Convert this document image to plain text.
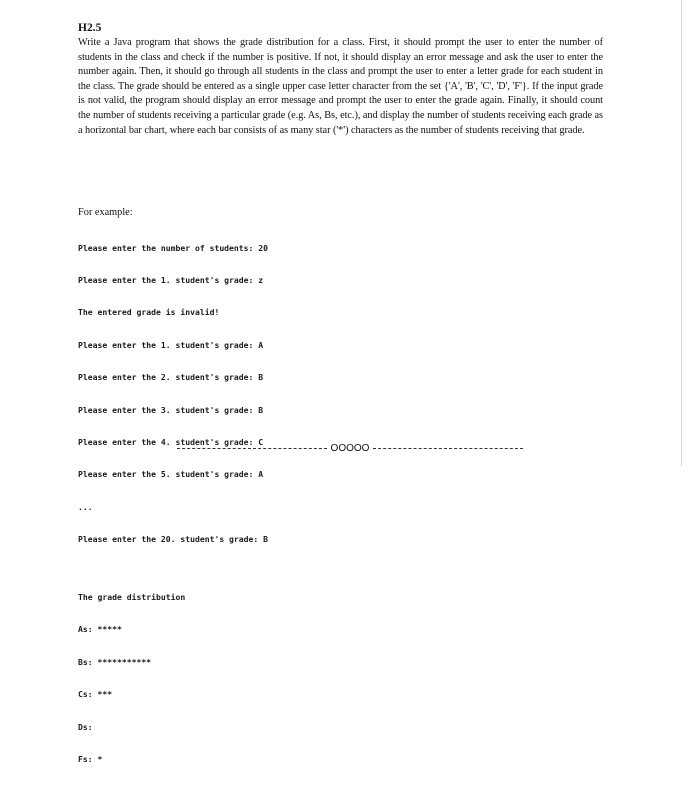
H2.5
Write a Java program that shows the grade distribution for a class. First, it should prompt the user to enter the number of students in the class and check if the number is positive. If not, it should display an error message and ask the user to enter the number again. Then, it should go through all students in the class and prompt the user to enter a letter grade for each student in the class. The grade should be entered as a single upper case letter character from the set {'A', 'B', 'C', 'D', 'F'}. If the input grade is not valid, the program should display an error message and prompt the user to enter the grade again. Finally, it should count the number of students receiving a particular grade (e.g. As, Bs, etc.), and display the number of students receiving each grade as a horizontal bar chart, where each bar consists of as many star ('*') characters as the number of students receiving that grade.
For example:

Please enter the number of students: 20

Please enter the 1. student's grade: z

The entered grade is invalid!

Please enter the 1. student's grade: A

Please enter the 2. student's grade: B

Please enter the 3. student's grade: B

Please enter the 4. student's grade: C

Please enter the 5. student's grade: A

...

Please enter the 20. student's grade: B

The grade distribution

As: *****

Bs: ***********

Cs: ***

Ds:

Fs: *

OOOOO
